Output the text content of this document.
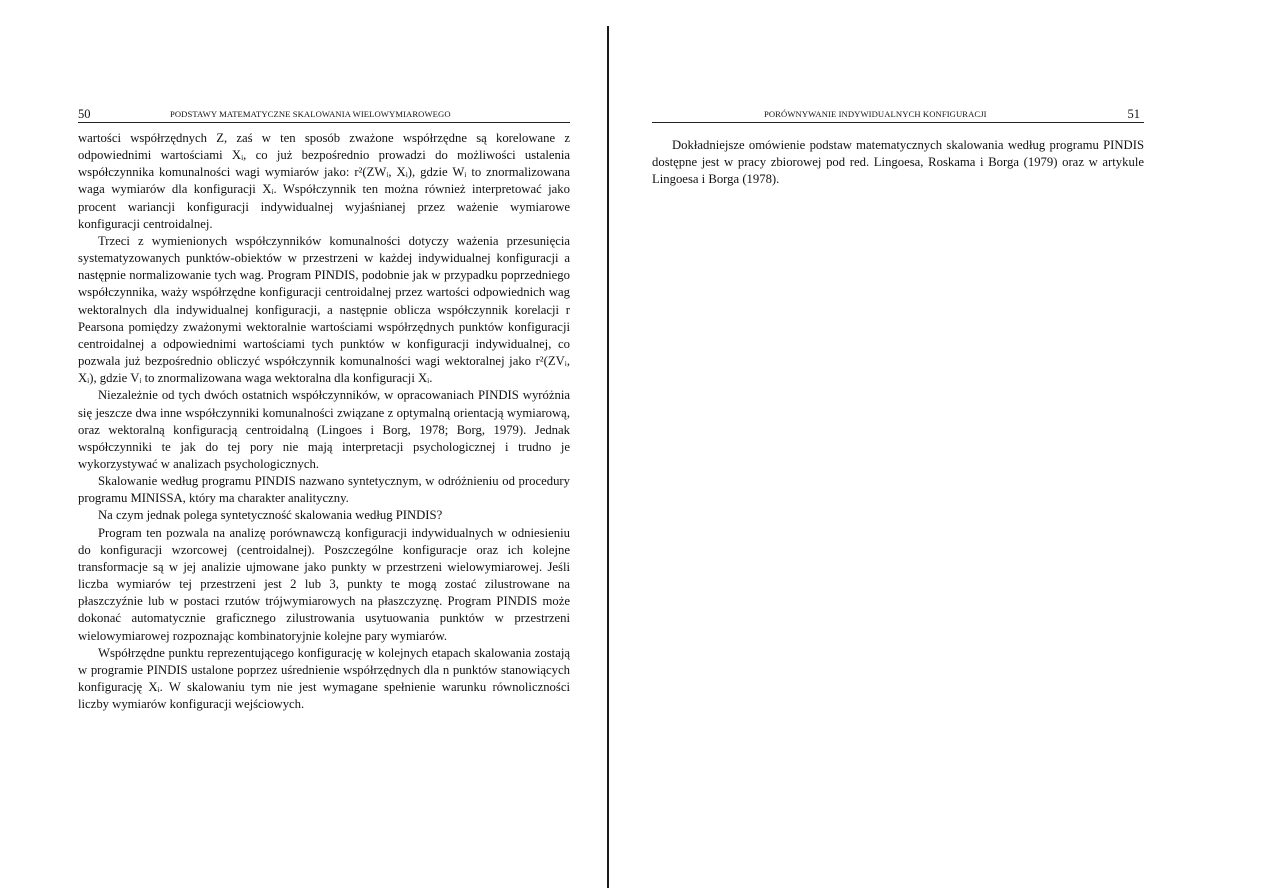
50	PODSTAWY MATEMATYCZNE SKALOWANIA WIELOWYMIAROWEGO

wartości współrzędnych Z, zaś w ten sposób zważone współrzędne są korelowane z odpowiednimi wartościami Xᵢ, co już bezpośrednio prowadzi do możliwości ustalenia współczynnika komunalności wagi wymiarów jako: r²(ZWᵢ, Xᵢ), gdzie Wᵢ to znormalizowana waga wymiarów dla konfiguracji Xᵢ. Współczynnik ten można również interpretować jako procent wariancji konfiguracji indywidualnej wyjaśnianej przez ważenie wymiarowe konfiguracji centroidalnej.

Trzeci z wymienionych współczynników komunalności dotyczy ważenia przesunięcia systematyzowanych punktów-obiektów w przestrzeni w każdej indywidualnej konfiguracji a następnie normalizowanie tych wag. Program PINDIS, podobnie jak w przypadku poprzedniego współczynnika, waży współrzędne konfiguracji centroidalnej przez wartości odpowiednich wag wektoralnych dla indywidualnej konfiguracji, a następnie oblicza współczynnik korelacji r Pearsona pomiędzy zważonymi wektoralnie wartościami współrzędnych punktów konfiguracji centroidalnej a odpowiednimi wartościami tych punktów w konfiguracji indywidualnej, co pozwala już bezpośrednio obliczyć współczynnik komunalności wagi wektoralnej jako r²(ZVᵢ, Xᵢ), gdzie Vᵢ to znormalizowana waga wektoralna dla konfiguracji Xᵢ.

Niezależnie od tych dwóch ostatnich współczynników, w opracowaniach PINDIS wyróżnia się jeszcze dwa inne współczynniki komunalności związane z optymalną orientacją wymiarową, oraz wektoralną konfiguracją centroidalną (Lingoes i Borg, 1978; Borg, 1979). Jednak współczynniki te jak do tej pory nie mają interpretacji psychologicznej i trudno je wykorzystywać w analizach psychologicznych.

Skalowanie według programu PINDIS nazwano syntetycznym, w odróżnieniu od procedury programu MINISSA, który ma charakter analityczny.

Na czym jednak polega syntetyczność skalowania według PINDIS?

Program ten pozwala na analizę porównawczą konfiguracji indywidualnych w odniesieniu do konfiguracji wzorcowej (centroidalnej). Poszczególne konfiguracje oraz ich kolejne transformacje są w jej analizie ujmowane jako punkty w przestrzeni wielowymiarowej. Jeśli liczba wymiarów tej przestrzeni jest 2 lub 3, punkty te mogą zostać zilustrowane na płaszczyźnie lub w postaci rzutów trójwymiarowych na płaszczyznę. Program PINDIS może dokonać automatycznie graficznego zilustrowania usytuowania punktów w przestrzeni wielowymiarowej rozpoznając kombinatoryjnie kolejne pary wymiarów.

Współrzędne punktu reprezentującego konfigurację w kolejnych etapach skalowania zostają w programie PINDIS ustalone poprzez uśrednienie współrzędnych dla n punktów stanowiących konfigurację Xᵢ. W skalowaniu tym nie jest wymagane spełnienie warunku równoliczności liczby wymiarów konfiguracji wejściowych.

PORÓWNYWANIE INDYWIDUALNYCH KONFIGURACJI	51

Dokładniejsze omówienie podstaw matematycznych skalowania według programu PINDIS dostępne jest w pracy zbiorowej pod red. Lingoesa, Roskama i Borga (1979) oraz w artykule Lingoesa i Borga (1978).
